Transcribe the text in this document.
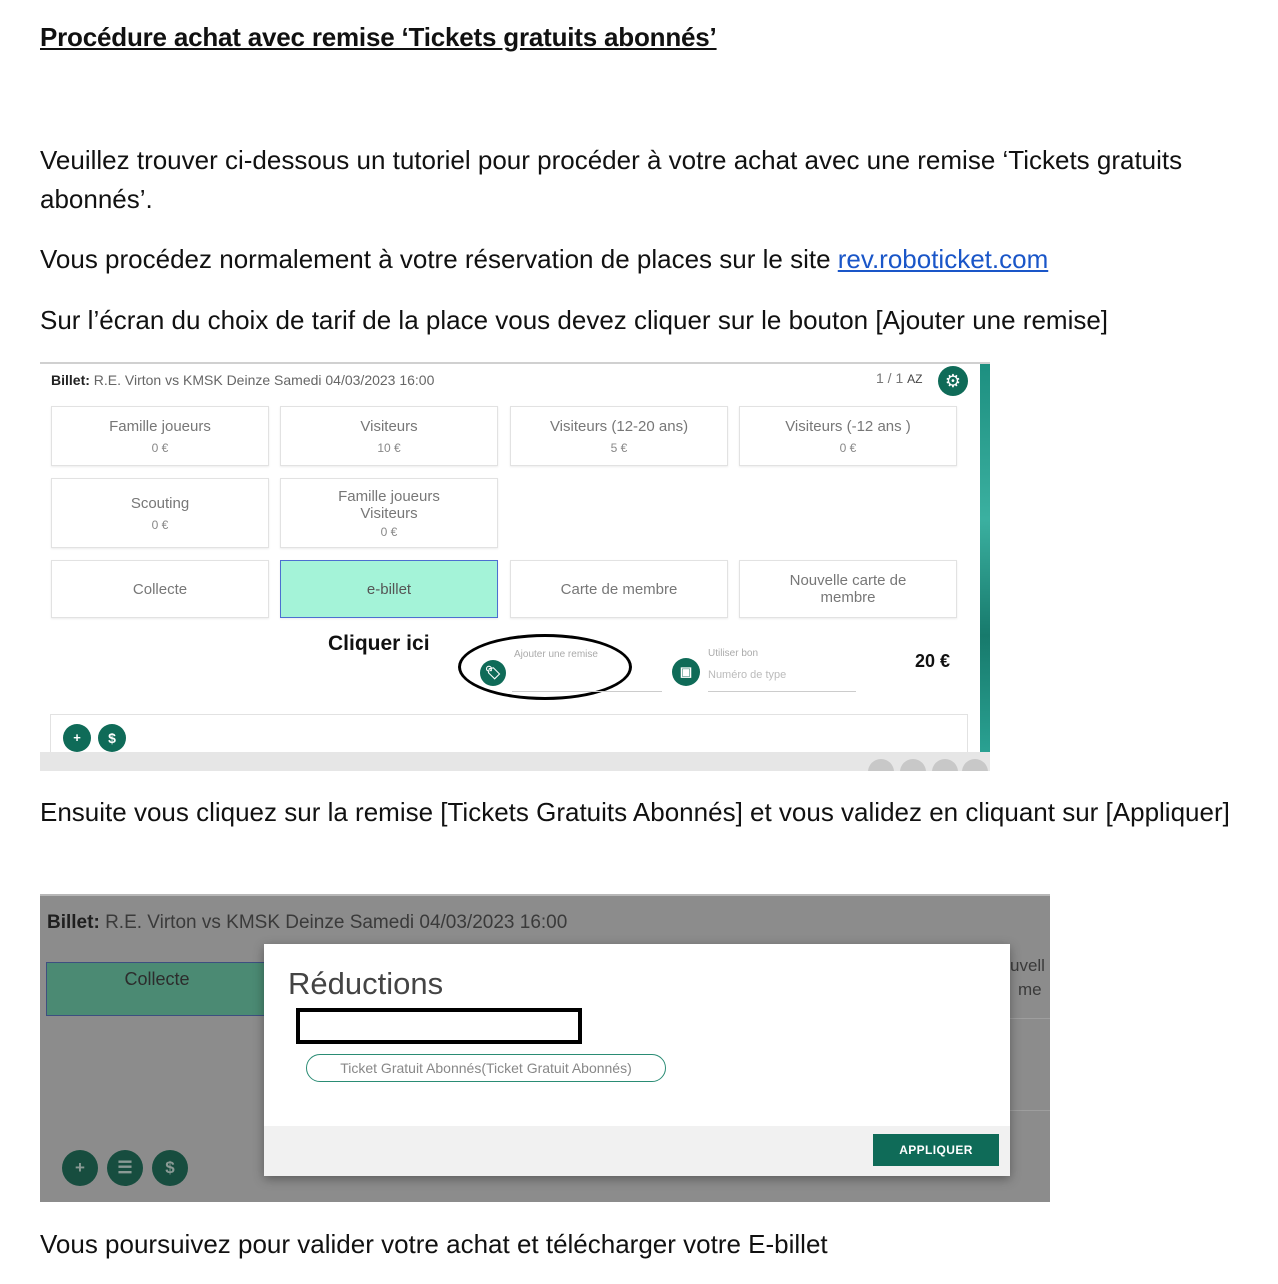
Procédure achat avec remise ‘Tickets gratuits abonnés’
Veuillez trouver ci-dessous un tutoriel pour procéder à votre achat avec une remise ‘Tickets gratuits abonnés’.
Vous procédez normalement à votre réservation de places sur le site rev.roboticket.com
Sur l’écran du choix de tarif de la place vous devez cliquer sur le bouton [Ajouter une remise]
Billet: R.E. Virton vs KMSK Deinze Samedi 04/03/2023 16:00	1 / 1 AZ	⚙
Famille joueurs
0 €
Visiteurs
10 €
Visiteurs (12-20 ans)
5 €
Visiteurs (-12 ans )
0 €
Scouting
0 €
Famille joueurs Visiteurs
0 €
Collecte	e-billet	Carte de membre	Nouvelle carte de membre
Cliquer ici
🏷
Ajouter une remise
▣
Utiliser bon
Numéro de type
20 €
+	$
Ensuite vous cliquez sur la remise [Tickets Gratuits Abonnés] et vous validez en cliquant sur [Appliquer]
Billet: R.E. Virton vs KMSK Deinze Samedi 04/03/2023 16:00
Collecte
uvell
me
+	☰	$
Réductions
Ticket Gratuit Abonnés(Ticket Gratuit Abonnés)
APPLIQUER
Vous poursuivez pour valider votre achat et télécharger votre E-billet
